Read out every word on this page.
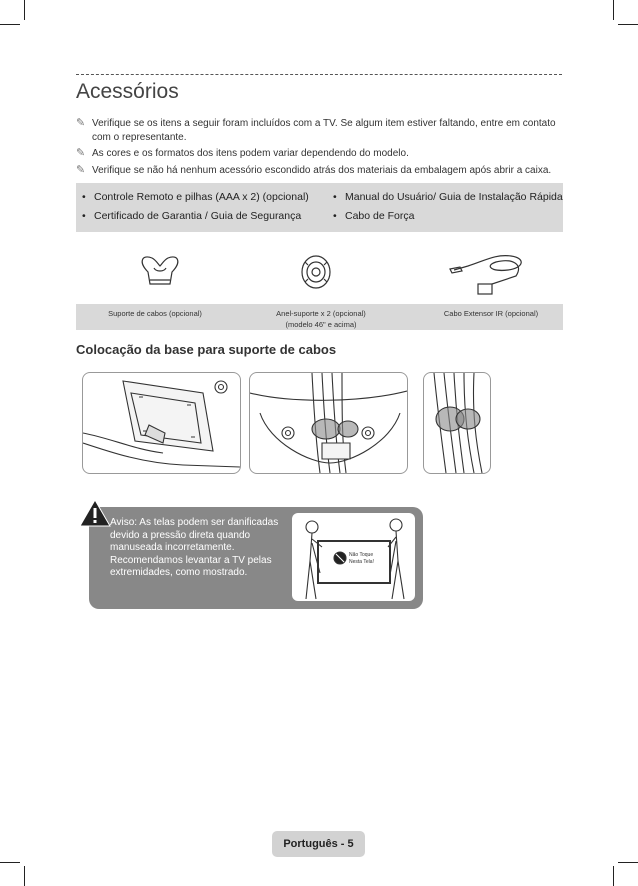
Acessórios
✎ Verifique se os itens a seguir foram incluídos com a TV. Se algum item estiver faltando, entre em contato com o representante.
✎ As cores e os formatos dos itens podem variar dependendo do modelo.
✎ Verifique se não há nenhum acessório escondido atrás dos materiais da embalagem após abrir a caixa.
• Controle Remoto e pilhas (AAA x 2) (opcional)
• Certificado de Garantia / Guia de Segurança
• Manual do Usuário/ Guia de Instalação Rápida
• Cabo de Força
Suporte de cabos (opcional)	Anel-suporte x 2 (opcional)
(modelo 46" e acima)
Cabo Extensor IR (opcional)
Colocação da base para suporte de cabos
Aviso: As telas podem ser danificadas devido a pressão direta quando manuseada incorretamente. Recomendamos levantar a TV pelas extremidades, como mostrado.
Não Toque
Nesta Tela!
Português - 5
